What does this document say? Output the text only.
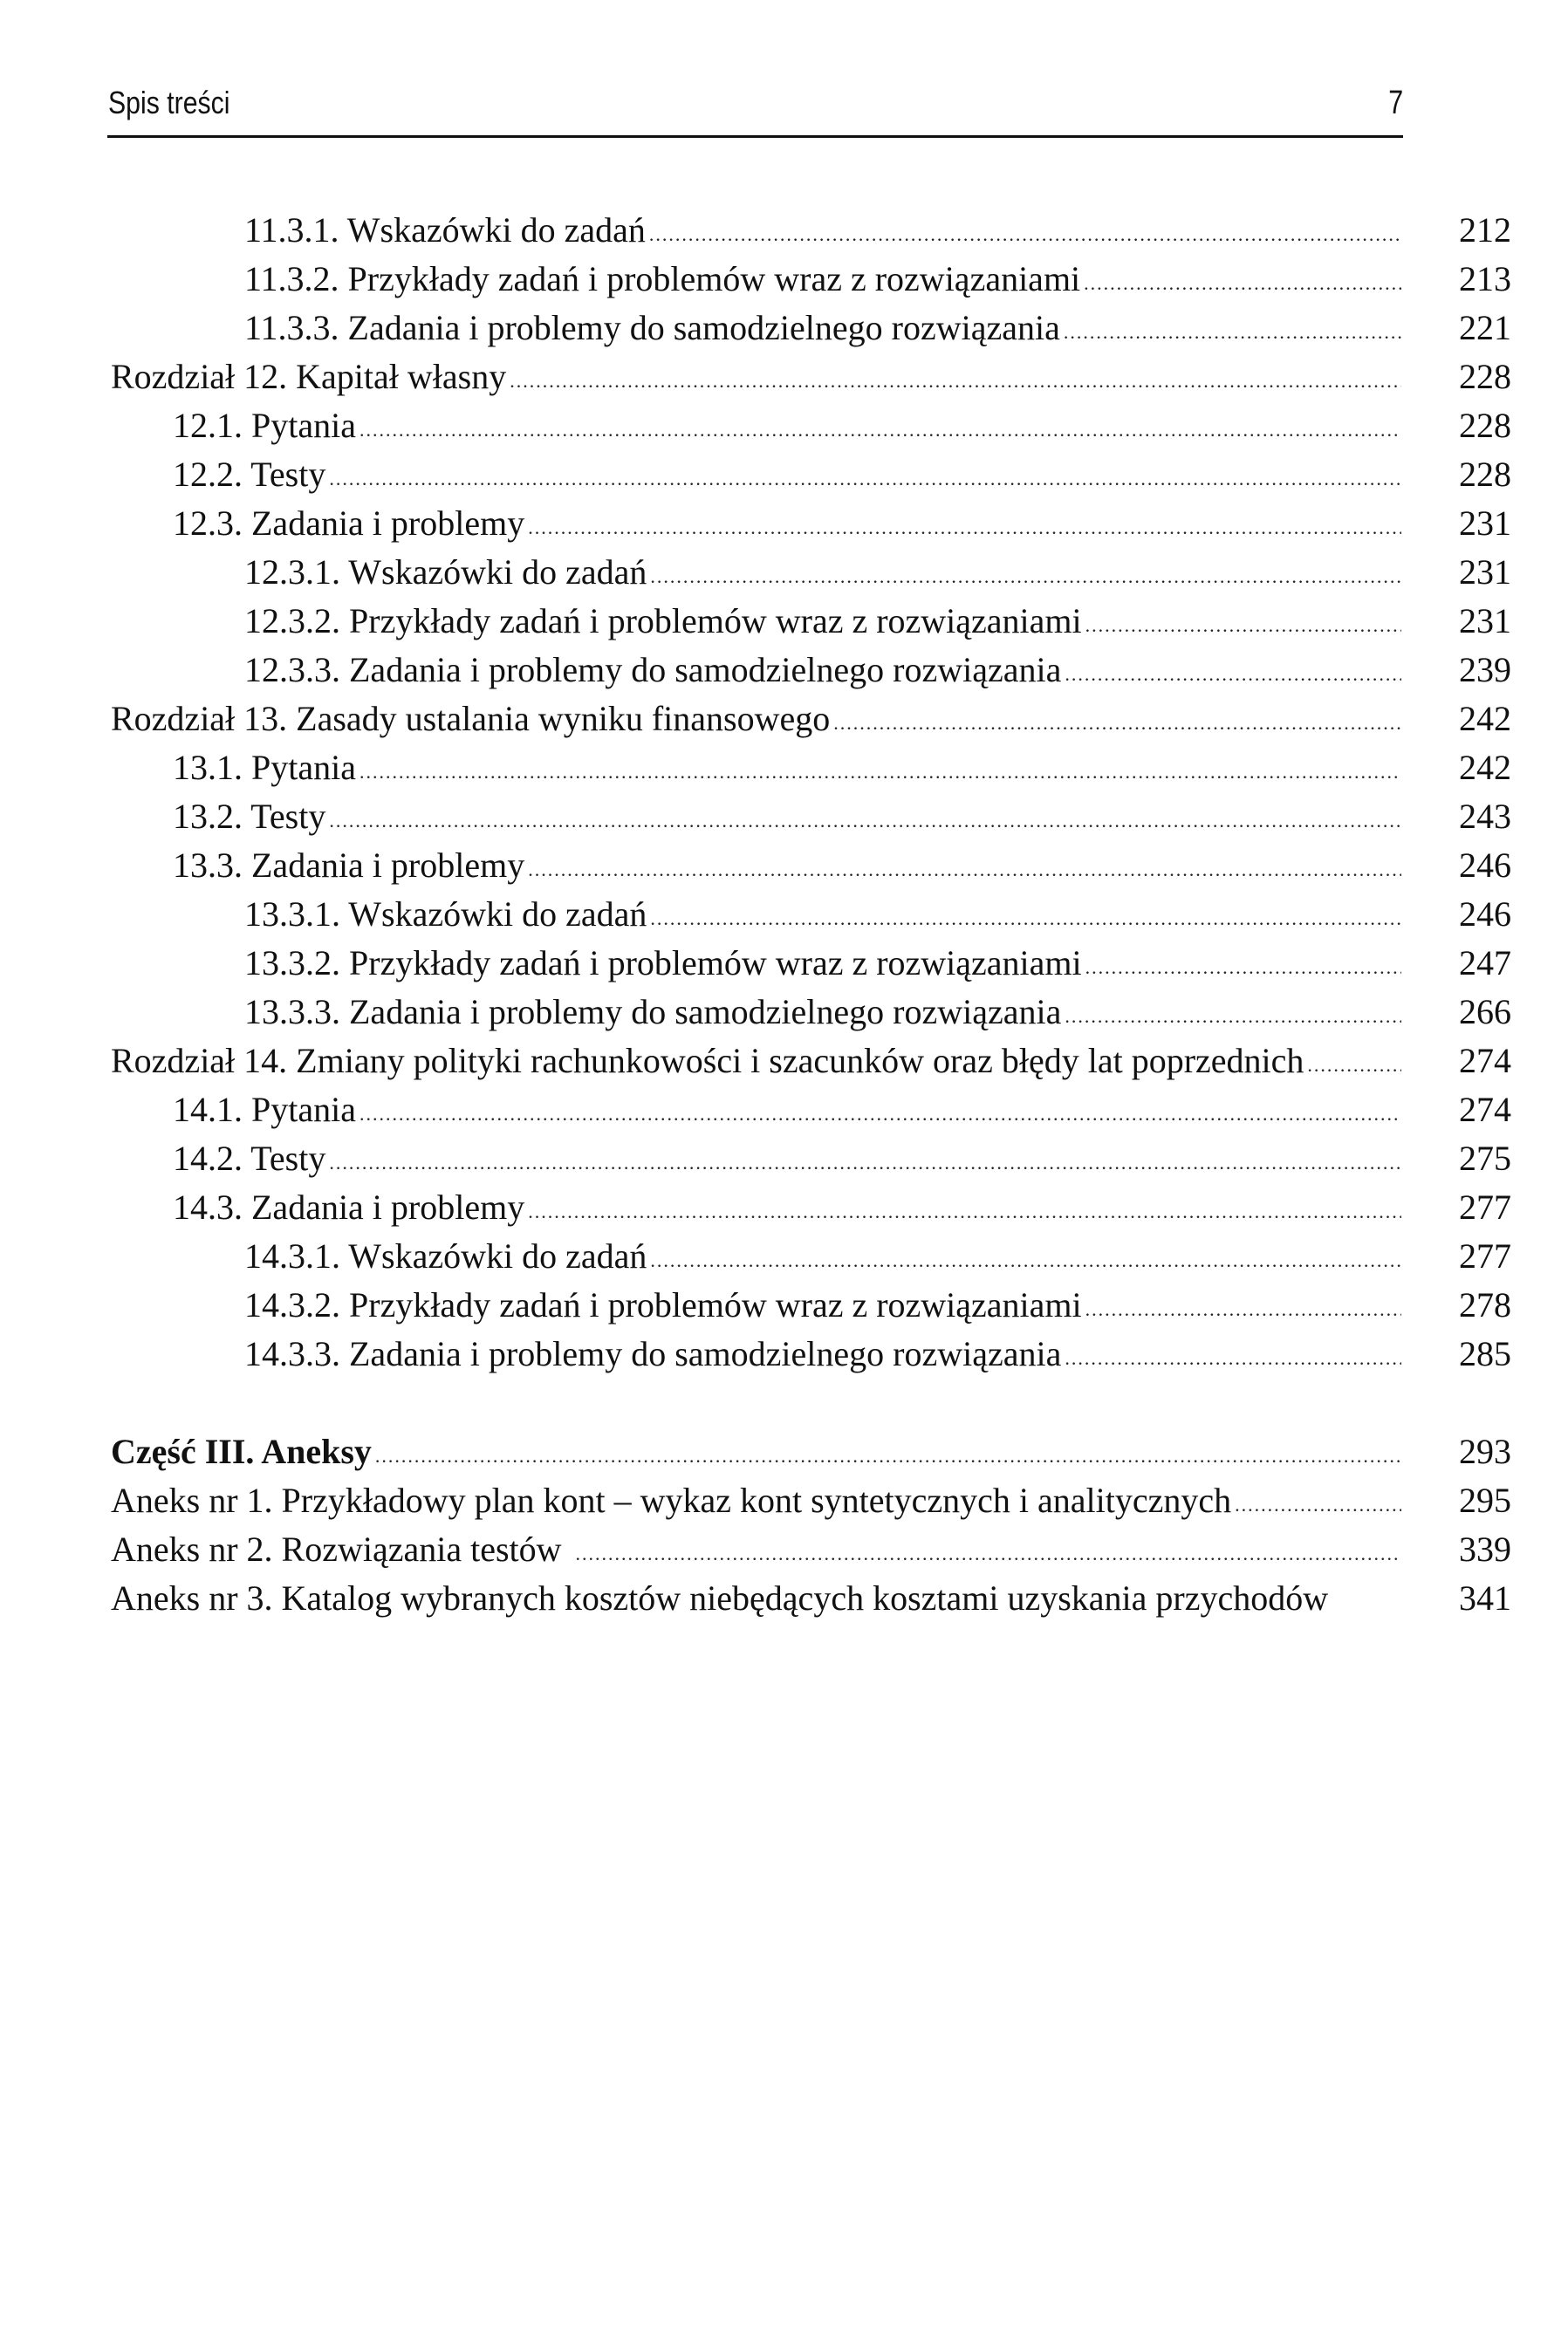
Spis treści	7
11.3.1. Wskazówki do zadań .....	212
11.3.2. Przykłady zadań i problemów wraz z rozwiązaniami .....	213
11.3.3. Zadania i problemy do samodzielnego rozwiązania .....	221
Rozdział 12. Kapitał własny .....	228
12.1. Pytania .....	228
12.2. Testy .....	228
12.3. Zadania i problemy .....	231
12.3.1. Wskazówki do zadań .....	231
12.3.2. Przykłady zadań i problemów wraz z rozwiązaniami .....	231
12.3.3. Zadania i problemy do samodzielnego rozwiązania .....	239
Rozdział 13. Zasady ustalania wyniku finansowego .....	242
13.1. Pytania .....	242
13.2. Testy .....	243
13.3. Zadania i problemy .....	246
13.3.1. Wskazówki do zadań .....	246
13.3.2. Przykłady zadań i problemów wraz z rozwiązaniami .....	247
13.3.3. Zadania i problemy do samodzielnego rozwiązania .....	266
Rozdział 14. Zmiany polityki rachunkowości i szacunków oraz błędy lat poprzednich .....	274
14.1. Pytania .....	274
14.2. Testy .....	275
14.3. Zadania i problemy .....	277
14.3.1. Wskazówki do zadań .....	277
14.3.2. Przykłady zadań i problemów wraz z rozwiązaniami .....	278
14.3.3. Zadania i problemy do samodzielnego rozwiązania .....	285
Część III. Aneksy .....	293
Aneks nr 1. Przykładowy plan kont – wykaz kont syntetycznych i analitycznych .....	295
Aneks nr 2. Rozwiązania testów .....	339
Aneks nr 3. Katalog wybranych kosztów niebędących kosztami uzyskania przychodów	341
